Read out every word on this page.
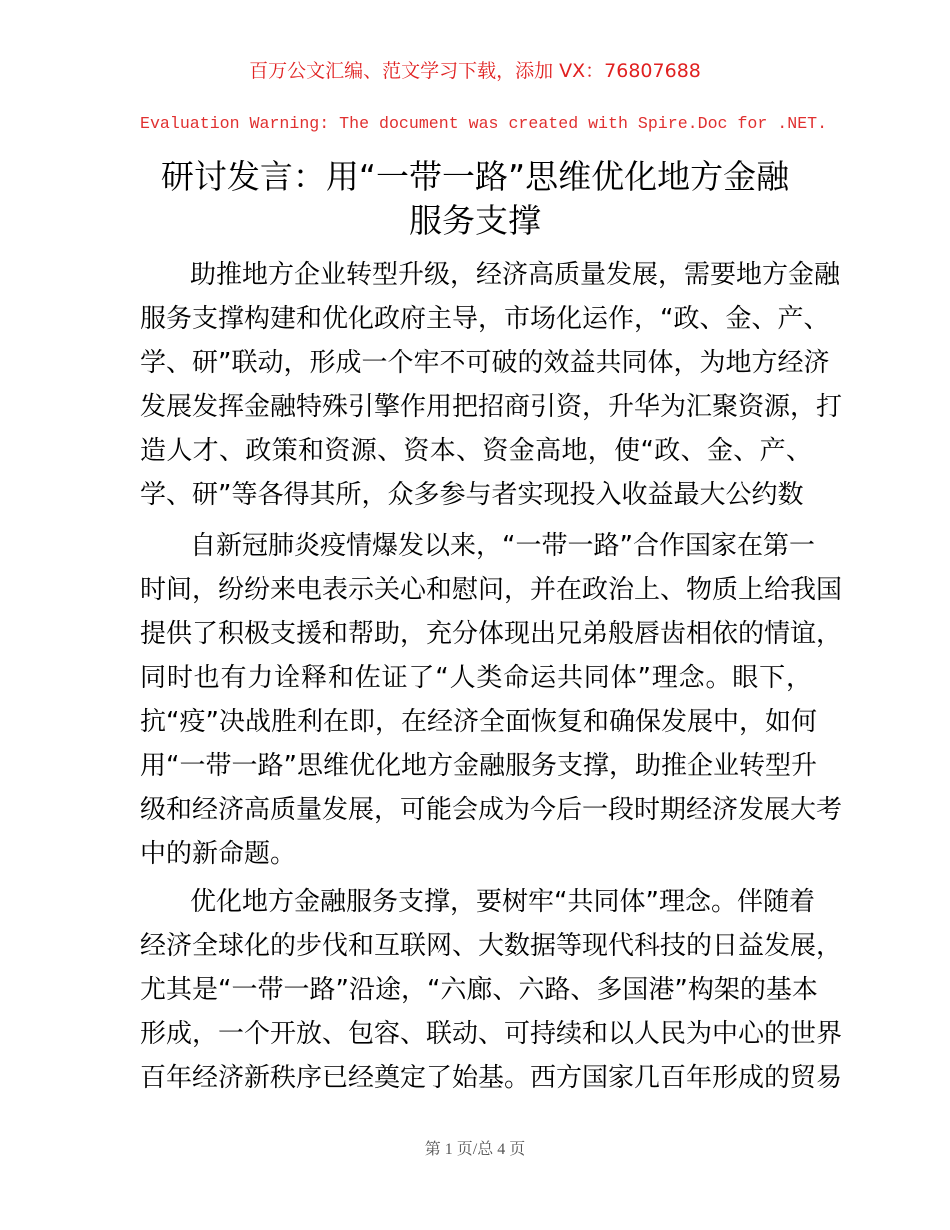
百万公文汇编、范文学习下载，添加 VX：76807688
Evaluation Warning: The document was created with Spire.Doc for .NET.
研讨发言：用“一带一路”思维优化地方金融
服务支撑
助推地方企业转型升级，经济高质量发展，需要地方金融
服务支撑构建和优化政府主导，市场化运作，“政、金、产、
学、研”联动，形成一个牢不可破的效益共同体，为地方经济
发展发挥金融特殊引擎作用把招商引资，升华为汇聚资源，打
造人才、政策和资源、资本、资金高地，使“政、金、产、
学、研”等各得其所，众多参与者实现投入收益最大公约数
自新冠肺炎疫情爆发以来，“一带一路”合作国家在第一
时间，纷纷来电表示关心和慰问，并在政治上、物质上给我国
提供了积极支援和帮助，充分体现出兄弟般唇齿相依的情谊，
同时也有力诠释和佐证了“人类命运共同体”理念。眼下，
抗“疫”决战胜利在即，在经济全面恢复和确保发展中，如何
用“一带一路”思维优化地方金融服务支撑，助推企业转型升
级和经济高质量发展，可能会成为今后一段时期经济发展大考
中的新命题。
优化地方金融服务支撑，要树牢“共同体”理念。伴随着
经济全球化的步伐和互联网、大数据等现代科技的日益发展，
尤其是“一带一路”沿途，“六廊、六路、多国港”构架的基本
形成，一个开放、包容、联动、可持续和以人民为中心的世界
百年经济新秩序已经奠定了始基。西方国家几百年形成的贸易
第 1 页/总 4 页
